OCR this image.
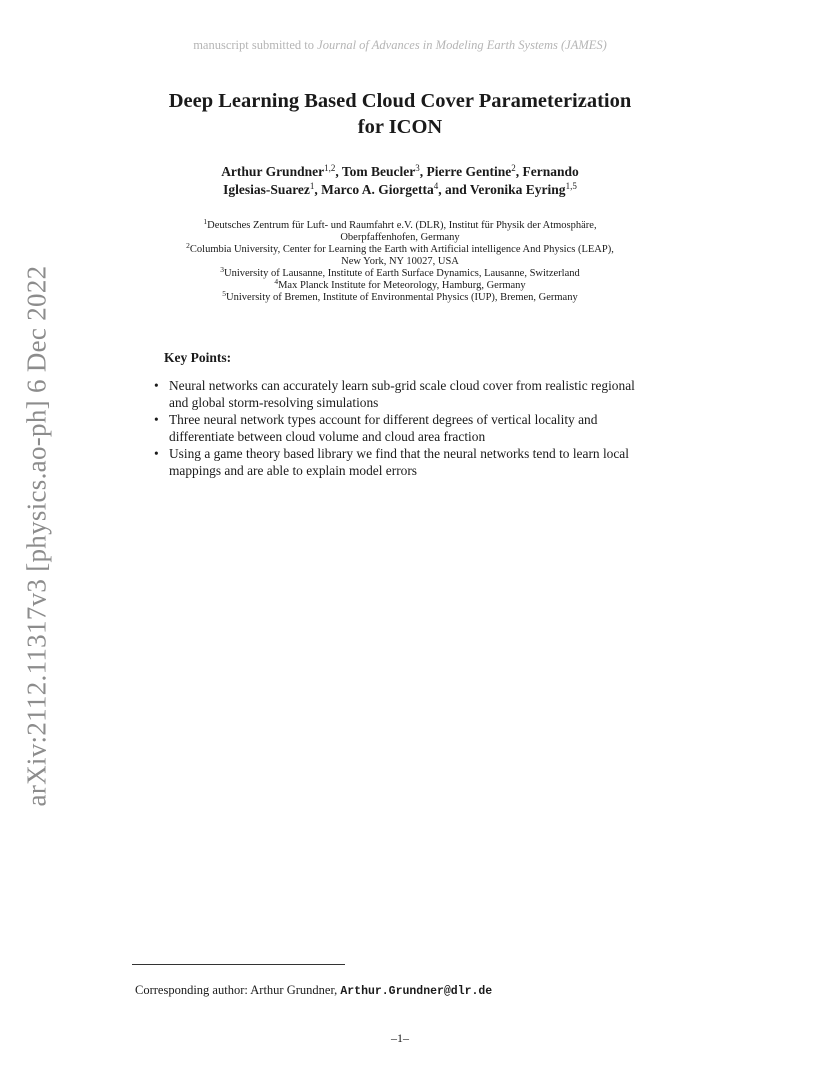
manuscript submitted to Journal of Advances in Modeling Earth Systems (JAMES)
arXiv:2112.11317v3 [physics.ao-ph] 6 Dec 2022
Deep Learning Based Cloud Cover Parameterization
for ICON
Arthur Grundner$^{1,2}$, Tom Beucler$^3$, Pierre Gentine$^2$, Fernando
Iglesias-Suarez$^1$, Marco A. Giorgetta$^4$, and Veronika Eyring$^{1,5}$
$^1$Deutsches Zentrum für Luft- und Raumfahrt e.V. (DLR), Institut für Physik der Atmosphäre,
Oberpfaffenhofen, Germany
$^2$Columbia University, Center for Learning the Earth with Artificial intelligence And Physics (LEAP),
New York, NY 10027, USA
$^3$University of Lausanne, Institute of Earth Surface Dynamics, Lausanne, Switzerland
$^4$Max Planck Institute for Meteorology, Hamburg, Germany
$^5$University of Bremen, Institute of Environmental Physics (IUP), Bremen, Germany
Key Points:
• Neural networks can accurately learn sub-grid scale cloud cover from realistic regional and global storm-resolving simulations
• Three neural network types account for different degrees of vertical locality and differentiate between cloud volume and cloud area fraction
• Using a game theory based library we find that the neural networks tend to learn local mappings and are able to explain model errors
Corresponding author: Arthur Grundner, Arthur.Grundner@dlr.de
–1–
